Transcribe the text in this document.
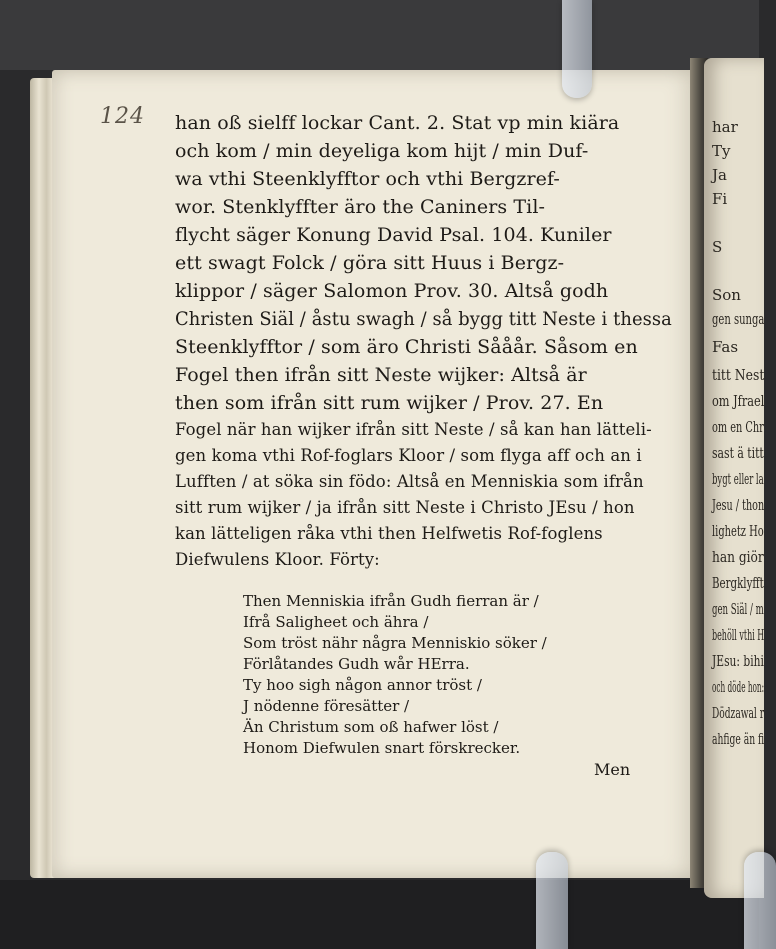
har
Ty
Ja
Fi
S
Son
gen sunga
Fas
titt Nest
om Jfrael
om en Chr
sast ä titt
bygt eller la
Jesu / thon
lighetz Ho
han giör
Bergklyfft
gen Siäl / m
behöll vthi H
JEsu: bihi
och döde hon:
Dödzawal r
ahfige än fi
124 han oß sielff lockar Cant. 2. Stat vp min kiära
och kom / min deyeliga kom hijt / min Duf-
wa vthi Steenklyfftor och vthi Bergzref-
wor. Stenklyffter äro the Caniners Til-
flycht säger Konung David Psal. 104. Kuniler
ett swagt Folck / göra sitt Huus i Bergz-
klippor / säger Salomon Prov. 30. Altså godh
Christen Siäl / åstu swagh / så bygg titt Neste i thessa
Steenklyfftor / som äro Christi Sååår. Såsom en
Fogel then ifrån sitt Neste wijker: Altså är
then som ifrån sitt rum wijker / Prov. 27. En
Fogel när han wijker ifrån sitt Neste / så kan han lätteli-
gen koma vthi Rof-foglars Kloor / som flyga aff och an i
Lufften / at söka sin födo: Altså en Menniskia som ifrån
sitt rum wijker / ja ifrån sitt Neste i Christo JEsu / hon
kan lätteligen råka vthi then Helfwetis Rof-foglens
Diefwulens Kloor. Förty:
Then Menniskia ifrån Gudh fierran är /
Ifrå Saligheet och ähra /
Som tröst nähr några Menniskio söker /
Förlåtandes Gudh wår HErra.
Ty hoo sigh någon annor tröst /
J nödenne föresätter /
Än Christum som oß hafwer löst /
Honom Diefwulen snart förskrecker.
Men
